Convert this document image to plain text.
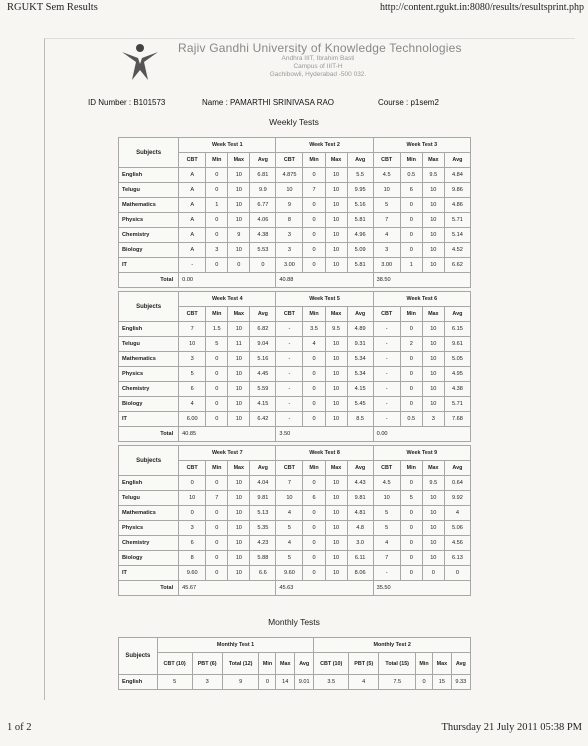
RGUKT Sem Results	http://content.rgukt.in:8080/results/resultsprint.php
Rajiv Gandhi University of Knowledge Technologies
Andhra IIIT, Ibrahim Basti
Campus of IIIT-H
Gachibowli, Hyderabad -500 032.
ID Number : B101573	Name : PAMARTHI SRINIVASA RAO	Course : p1sem2
Weekly Tests
Subjects	Week Test 1				Week Test 2				Week Test 3			
	CBT	Min	Max	Avg	CBT	Min	Max	Avg	CBT	Min	Max	Avg
English	A	0	10	6.81	4.875	0	10	5.5	4.5	0.5	9.5	4.84
Telugu	A	0	10	9.9	10	7	10	9.95	10	6	10	9.86
Mathematics	A	1	10	6.77	9	0	10	5.16	5	0	10	4.86
Physics	A	0	10	4.06	8	0	10	5.81	7	0	10	5.71
Chemistry	A	0	9	4.38	3	0	10	4.96	4	0	10	5.14
Biology	A	3	10	5.53	3	0	10	5.09	3	0	10	4.52
IT	-	0	0	0	3.00	0	10	5.81	3.00	1	10	6.62
Total	0.00				40.88				38.50			
Subjects	Week Test 4				Week Test 5				Week Test 6			
	CBT	Min	Max	Avg	CBT	Min	Max	Avg	CBT	Min	Max	Avg
English	7	1.5	10	6.82	-	3.5	9.5	4.89	-	0	10	6.15
Telugu	10	5	11	9.04	-	4	10	9.31	-	2	10	9.61
Mathematics	3	0	10	5.16	-	0	10	5.34	-	0	10	5.05
Physics	5	0	10	4.45	-	0	10	5.34	-	0	10	4.95
Chemistry	6	0	10	5.59	-	0	10	4.15	-	0	10	4.38
Biology	4	0	10	4.15	-	0	10	5.45	-	0	10	5.71
IT	6.00	0	10	6.42	-	0	10	8.5	-	0.5	3	7.68
Total	40.85				3.50				0.00			
Subjects	Week Test 7				Week Test 8				Week Test 9			
	CBT	Min	Max	Avg	CBT	Min	Max	Avg	CBT	Min	Max	Avg
English	0	0	10	4.04	7	0	10	4.43	4.5	0	9.5	0.64
Telugu	10	7	10	9.81	10	6	10	9.81	10	5	10	9.92
Mathematics	0	0	10	5.13	4	0	10	4.81	5	0	10	4
Physics	3	0	10	5.35	5	0	10	4.8	5	0	10	5.06
Chemistry	6	0	10	4.23	4	0	10	3.0	4	0	10	4.56
Biology	8	0	10	5.88	5	0	10	6.11	7	0	10	6.13
IT	9.60	0	10	6.6	9.60	0	10	8.06	-	0	0	0
Total	45.67				45.63				35.50			
Subjects	Monthly Test 1						Monthly Test 2					
	CBT (10)	PBT (6)	Total (12)	Min	Max	Avg	CBT (10)	PBT (5)	Total (15)	Min	Max	Avg
English	5	3	9	0	14	9.01	3.5	4	7.5	0	15	9.33
Monthly Tests
1 of 2	Thursday 21 July 2011 05:38 PM
